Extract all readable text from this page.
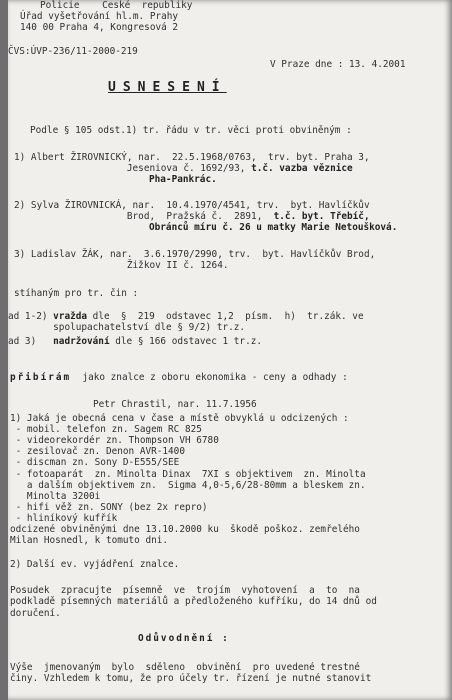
Policie    České  republiky
Úřad vyšetřování hl.m. Prahy
140 00 Praha 4, Kongresová 2
ČVS:ÚVP-236/11-2000-219
V Praze dne : 13. 4.2001
USNESENÍ
Podle § 105 odst.1) tr. řádu v tr. věci proti obviněným :
1) Albert ŽIROVNICKÝ, nar.  22.5.1968/0763,  trv. byt. Praha 3,
Jeseniova č. 1692/93, t.č. vazba věznice
Pha-Pankrác.
2) Sylva ŽIROVNICKÁ, nar.  10.4.1970/4541, trv.  byt. Havlíčkův
Brod,  Pražská č.  2891,  t.č. byt. Třebíč,
Obránců míru č. 26 u matky Marie Netoušková.
3) Ladislav ŽÁK, nar.  3.6.1970/2990, trv.  byt. Havlíčkův Brod,
Žižkov II č. 1264.
stíhaným pro tr. čin :
ad 1-2) vražda dle  §  219  odstavec 1,2  písm.  h)  tr.zák. ve
spolupachatelství dle § 9/2) tr.z.
ad 3)   nadržování dle § 166 odstavec 1 tr.z.
přibírám  jako znalce z oboru ekonomika - ceny a odhady :
Petr Chrastil, nar. 11.7.1956
1) Jaká je obecná cena v čase a místě obvyklá u odcizených :
- mobil. telefon zn. Sagem RC 825
- videorekordér zn. Thompson VH 6780
- zesilovač zn. Denon AVR-1400
- discman zn. Sony D-E555/SEE
- fotoaparát  zn. Minolta Dinax  7XI s objektivem  zn. Minolta
a dalším objektivem zn.  Sigma 4,0-5,6/28-80mm a bleskem zn.
Minolta 3200i
- hifi věž zn. SONY (bez 2x repro)
- hliníkový kufřík
odcizené obviněnými dne 13.10.2000 ku  škodě poškoz. zemřelého
Milan Hosnedl, k tomuto dni.
2) Další ev. vyjádření znalce.
Posudek  zpracujte  písemně  ve  trojím  vyhotovení  a  to  na
podkladě písemných materiálů a předloženého kufříku, do 14 dnů od
doručení.
Odůvodnění :
Výše  jmenovaným  bylo  sděleno  obvinění  pro uvedené trestné
činy. Vzhledem k tomu, že pro účely tr. řízení je nutné stanovit
